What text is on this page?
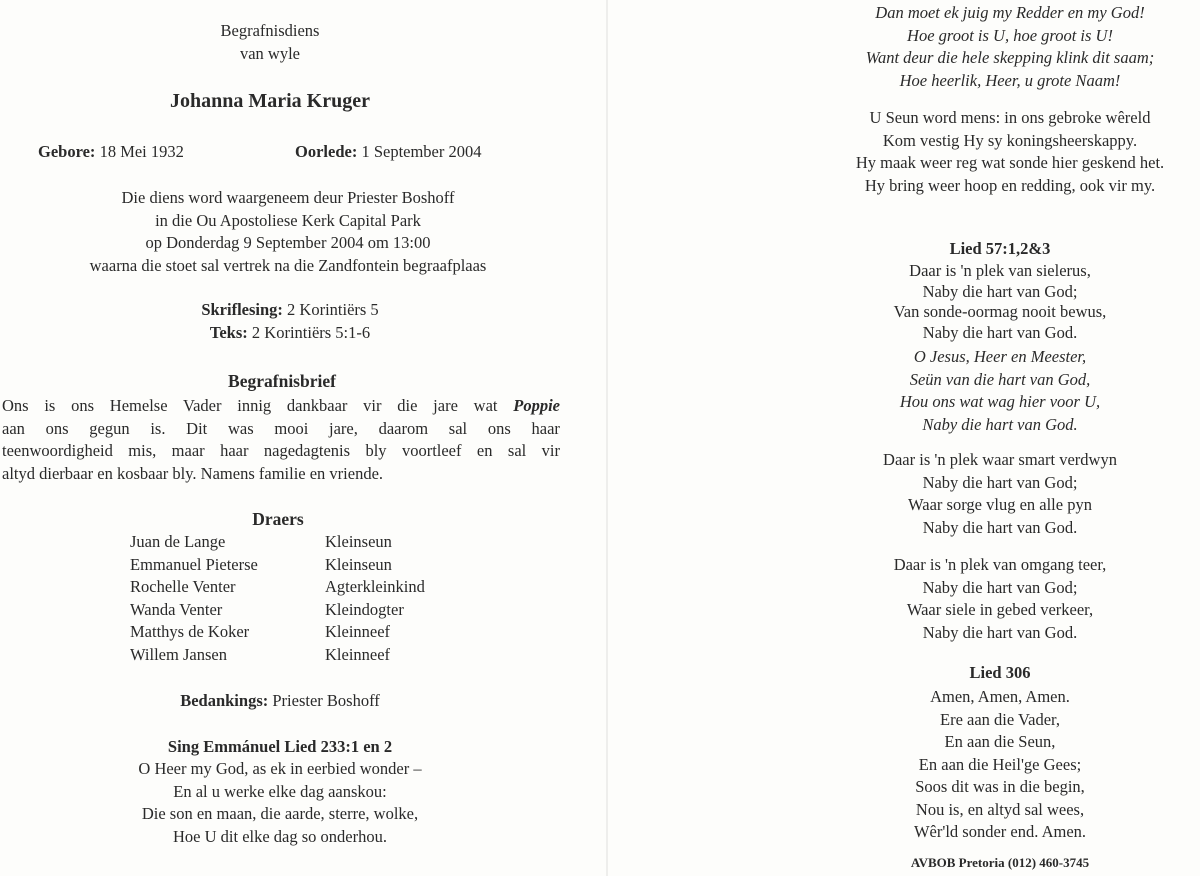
Begrafnisdiens
van wyle
Johanna Maria Kruger
Gebore: 18 Mei 1932	Oorlede: 1 September 2004
Die diens word waargeneem deur Priester Boshoff
in die Ou Apostoliese Kerk Capital Park
op Donderdag 9 September 2004 om 13:00
waarna die stoet sal vertrek na die Zandfontein begraafplaas
Skriflesing: 2 Korintiërs 5
Teks: 2 Korintiërs 5:1-6
Begrafnisbrief
Ons is ons Hemelse Vader innig dankbaar vir die jare wat Poppie
aan ons gegun is. Dit was mooi jare, daarom sal ons haar
teenwoordigheid mis, maar haar nagedagtenis bly voortleef en sal vir
altyd dierbaar en kosbaar bly. Namens familie en vriende.
Draers
Juan de Lange	Kleinseun
Emmanuel Pieterse	Kleinseun
Rochelle Venter	Agterkleinkind
Wanda Venter	Kleindogter
Matthys de Koker	Kleinneef
Willem Jansen	Kleinneef
Bedankings: Priester Boshoff
Sing Emmánuel Lied 233:1 en 2
O Heer my God, as ek in eerbied wonder –
En al u werke elke dag aanskou:
Die son en maan, die aarde, sterre, wolke,
Hoe U dit elke dag so onderhou.
Dan moet ek juig my Redder en my God!
Hoe groot is U, hoe groot is U!
Want deur die hele skepping klink dit saam;
Hoe heerlik, Heer, u grote Naam!
U Seun word mens: in ons gebroke wêreld
Kom vestig Hy sy koningsheerskappy.
Hy maak weer reg wat sonde hier geskend het.
Hy bring weer hoop en redding, ook vir my.
Lied 57:1,2&3
Daar is 'n plek van sielerus,
Naby die hart van God;
Van sonde-oormag nooit bewus,
Naby die hart van God.
O Jesus, Heer en Meester,
Seün van die hart van God,
Hou ons wat wag hier voor U,
Naby die hart van God.
Daar is 'n plek waar smart verdwyn
Naby die hart van God;
Waar sorge vlug en alle pyn
Naby die hart van God.
Daar is 'n plek van omgang teer,
Naby die hart van God;
Waar siele in gebed verkeer,
Naby die hart van God.
Lied 306
Amen, Amen, Amen.
Ere aan die Vader,
En aan die Seun,
En aan die Heil'ge Gees;
Soos dit was in die begin,
Nou is, en altyd sal wees,
Wêr'ld sonder end. Amen.
AVBOB Pretoria (012) 460-3745
